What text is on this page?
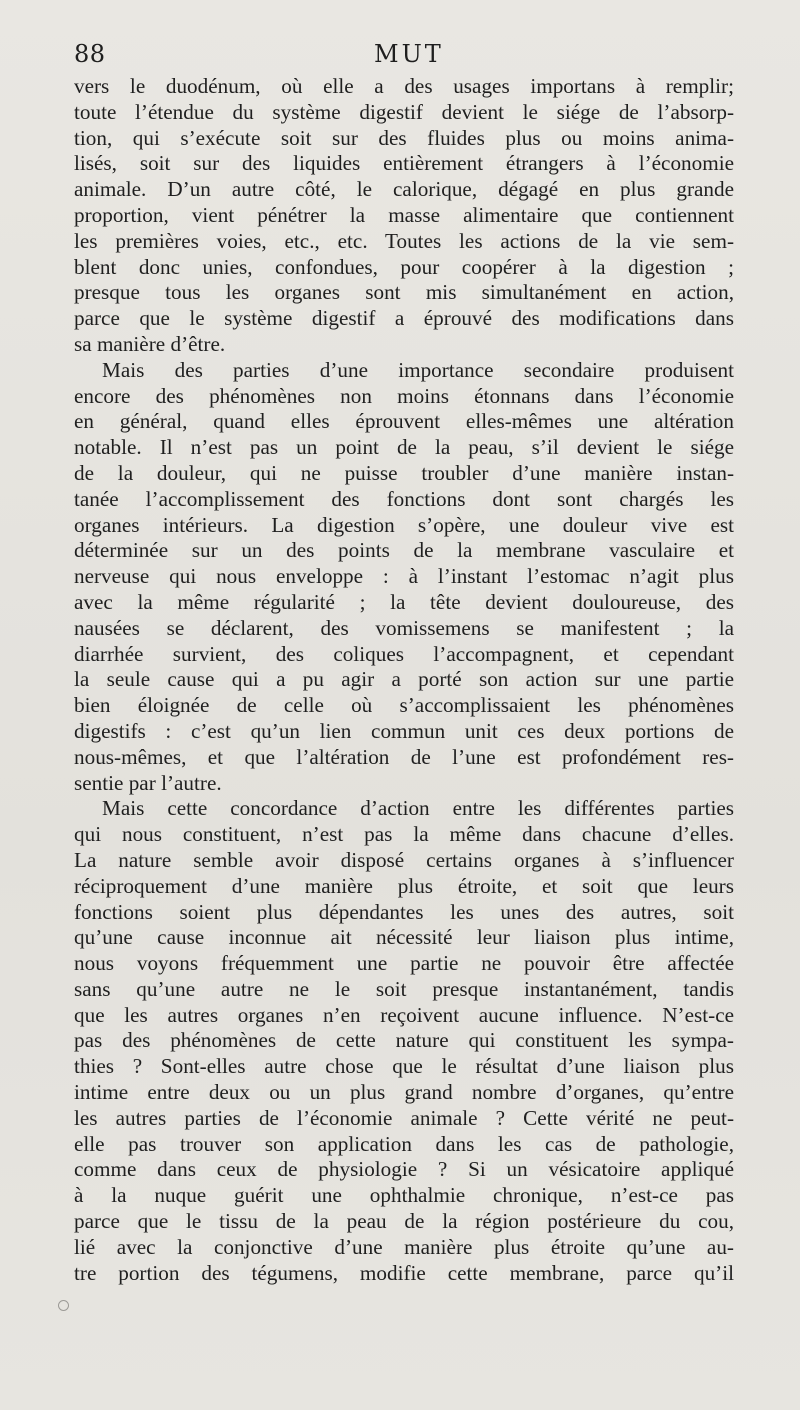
88	MUT
vers le duodénum, où elle a des usages importans à remplir;
toute l’étendue du système digestif devient le siége de l’absorp-
tion, qui s’exécute soit sur des fluides plus ou moins anima-
lisés, soit sur des liquides entièrement étrangers à l’économie
animale. D’un autre côté, le calorique, dégagé en plus grande
proportion, vient pénétrer la masse alimentaire que contiennent
les premières voies, etc., etc. Toutes les actions de la vie sem-
blent donc unies, confondues, pour coopérer à la digestion ;
presque tous les organes sont mis simultanément en action,
parce que le système digestif a éprouvé des modifications dans
sa manière d’être.
Mais des parties d’une importance secondaire produisent
encore des phénomènes non moins étonnans dans l’économie
en général, quand elles éprouvent elles-mêmes une altération
notable. Il n’est pas un point de la peau, s’il devient le siége
de la douleur, qui ne puisse troubler d’une manière instan-
tanée l’accomplissement des fonctions dont sont chargés les
organes intérieurs. La digestion s’opère, une douleur vive est
déterminée sur un des points de la membrane vasculaire et
nerveuse qui nous enveloppe : à l’instant l’estomac n’agit plus
avec la même régularité ; la tête devient douloureuse, des
nausées se déclarent, des vomissemens se manifestent ; la
diarrhée survient, des coliques l’accompagnent, et cependant
la seule cause qui a pu agir a porté son action sur une partie
bien éloignée de celle où s’accomplissaient les phénomènes
digestifs : c’est qu’un lien commun unit ces deux portions de
nous-mêmes, et que l’altération de l’une est profondément res-
sentie par l’autre.
Mais cette concordance d’action entre les différentes parties
qui nous constituent, n’est pas la même dans chacune d’elles.
La nature semble avoir disposé certains organes à s’influencer
réciproquement d’une manière plus étroite, et soit que leurs
fonctions soient plus dépendantes les unes des autres, soit
qu’une cause inconnue ait nécessité leur liaison plus intime,
nous voyons fréquemment une partie ne pouvoir être affectée
sans qu’une autre ne le soit presque instantanément, tandis
que les autres organes n’en reçoivent aucune influence. N’est-ce
pas des phénomènes de cette nature qui constituent les sympa-
thies ? Sont-elles autre chose que le résultat d’une liaison plus
intime entre deux ou un plus grand nombre d’organes, qu’entre
les autres parties de l’économie animale ? Cette vérité ne peut-
elle pas trouver son application dans les cas de pathologie,
comme dans ceux de physiologie ? Si un vésicatoire appliqué
à la nuque guérit une ophthalmie chronique, n’est-ce pas
parce que le tissu de la peau de la région postérieure du cou,
lié avec la conjonctive d’une manière plus étroite qu’une au-
tre portion des tégumens, modifie cette membrane, parce qu’il
